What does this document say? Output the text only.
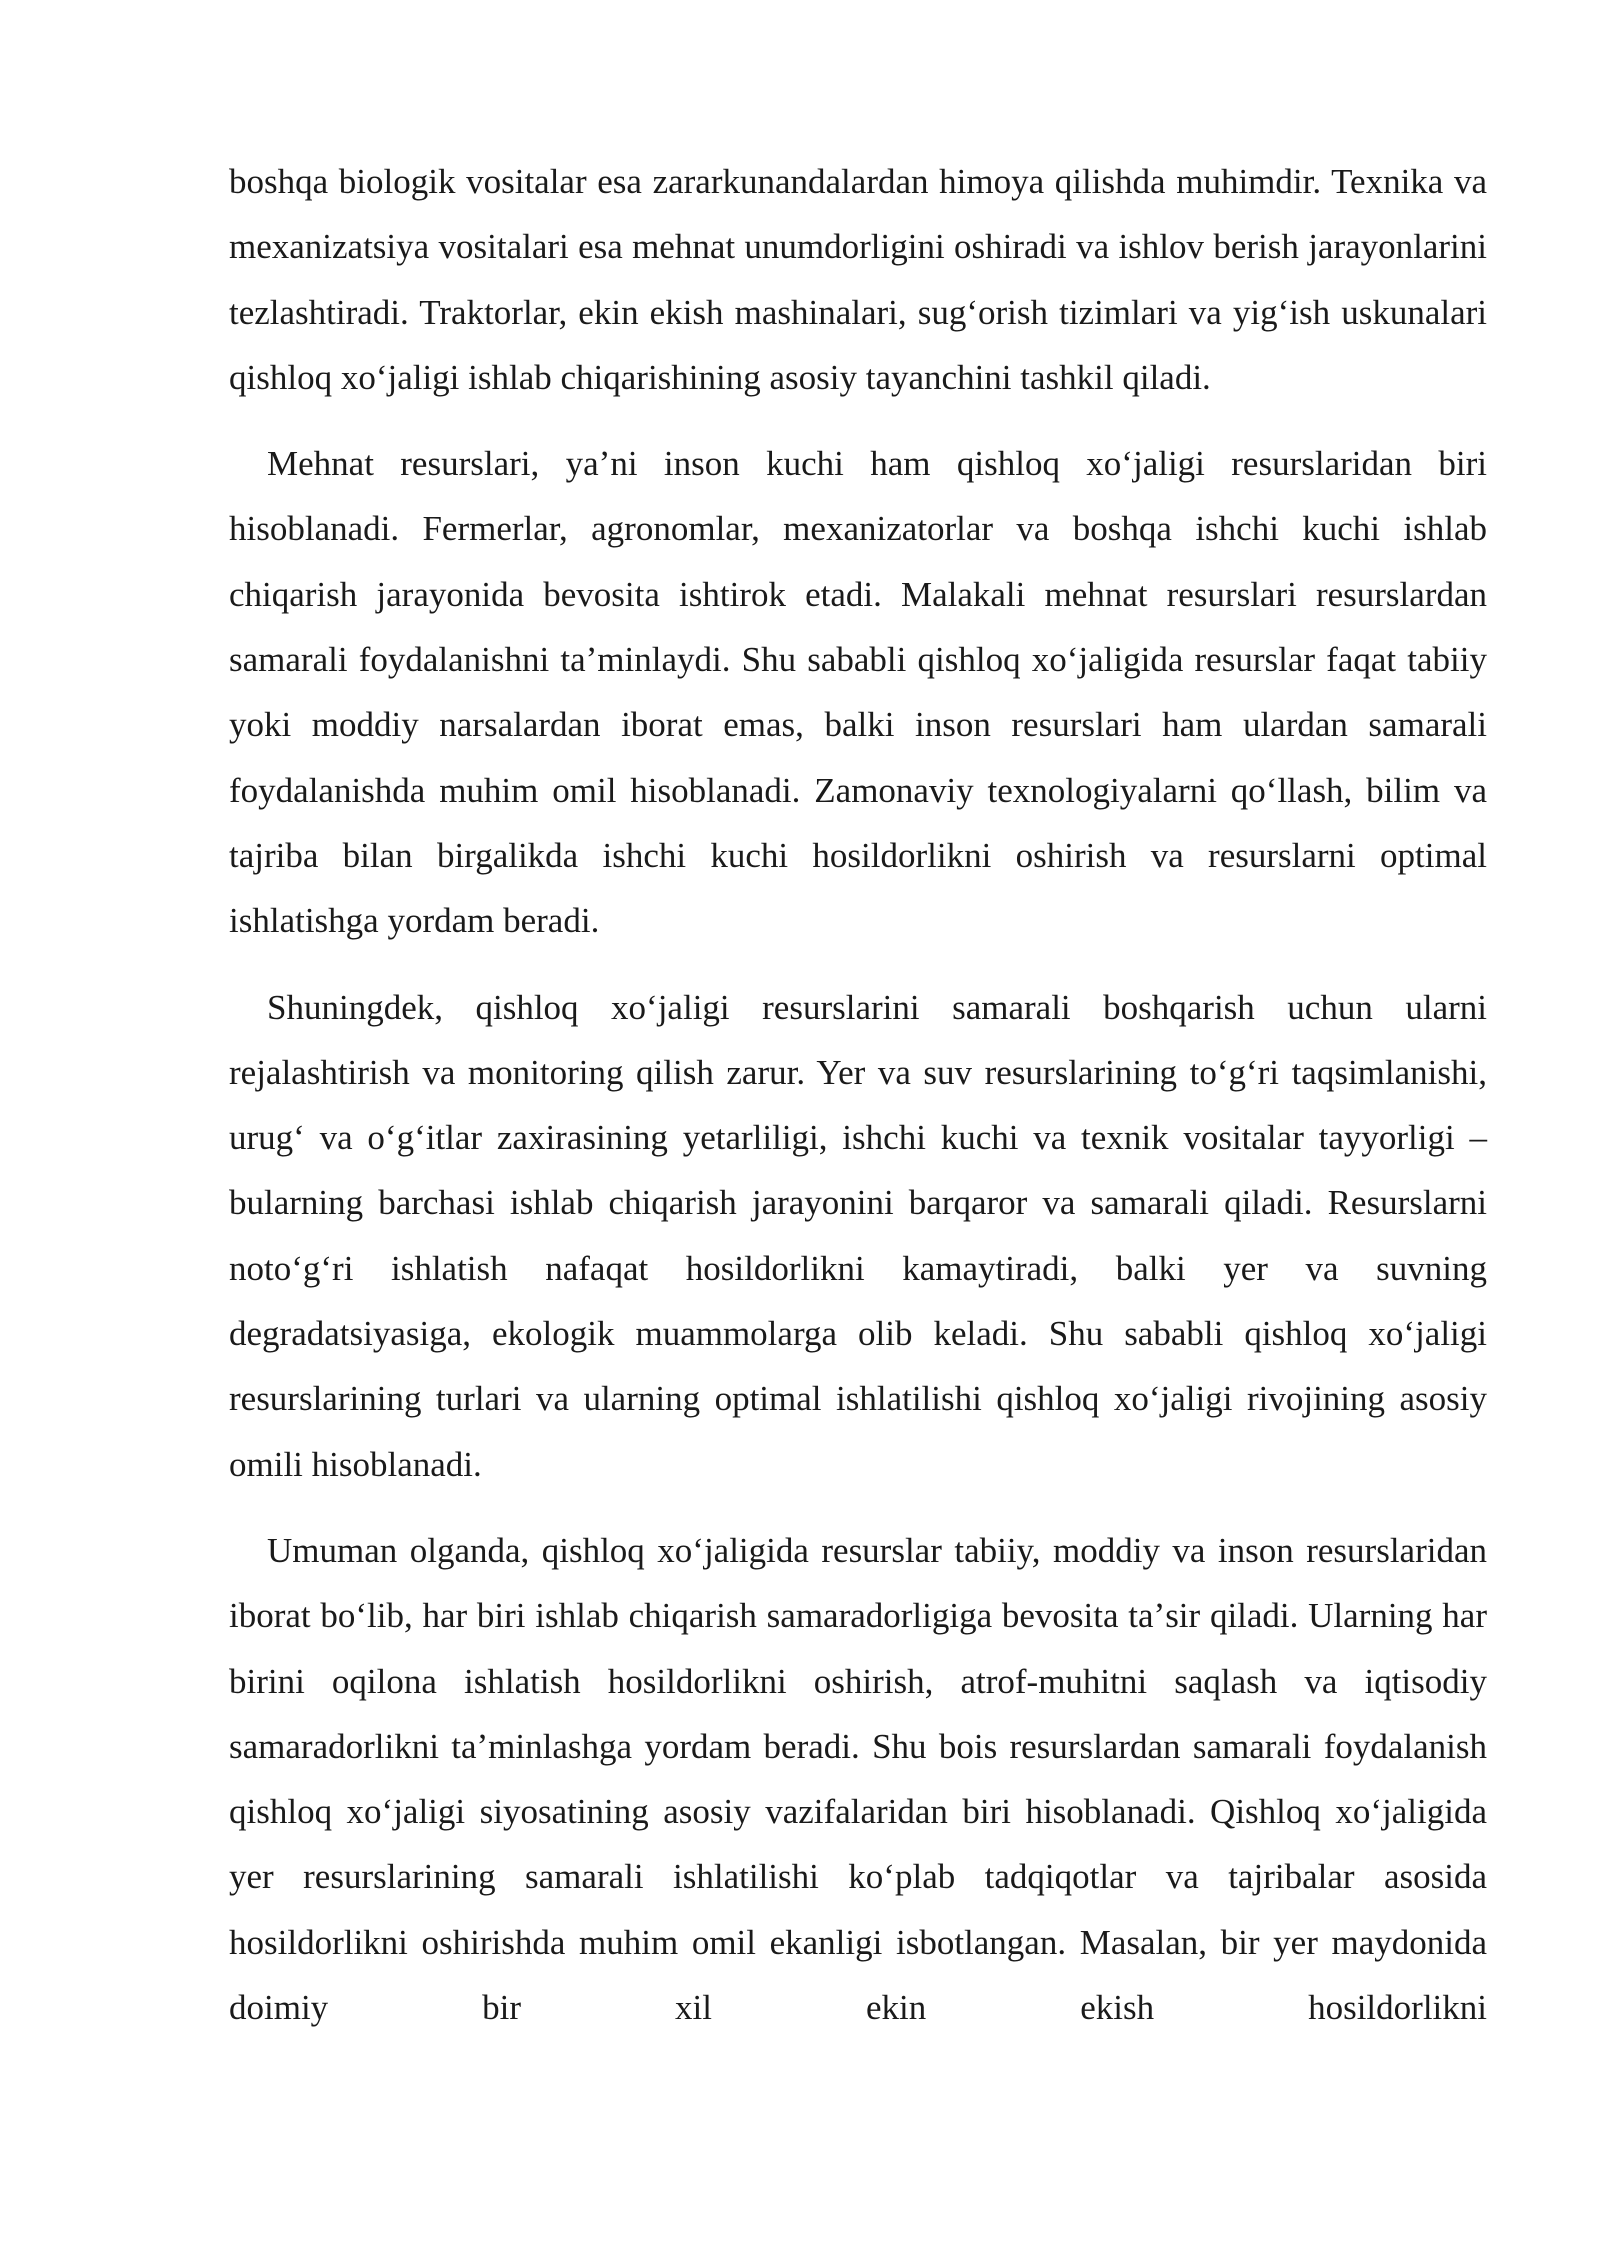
boshqa biologik vositalar esa zararkunandalardan himoya qilishda muhimdir. Texnika va mexanizatsiya vositalari esa mehnat unumdorligini oshiradi va ishlov berish jarayonlarini tezlashtiradi. Traktorlar, ekin ekish mashinalari, sugʻorish tizimlari va yigʻish uskunalari qishloq xoʻjaligi ishlab chiqarishining asosiy tayanchini tashkil qiladi.

Mehnat resurslari, yaʼni inson kuchi ham qishloq xoʻjaligi resurslaridan biri hisoblanadi. Fermerlar, agronomlar, mexanizatorlar va boshqa ishchi kuchi ishlab chiqarish jarayonida bevosita ishtirok etadi. Malakali mehnat resurslari resurslardan samarali foydalanishni taʼminlaydi. Shu sababli qishloq xoʻjaligida resurslar faqat tabiiy yoki moddiy narsalardan iborat emas, balki inson resurslari ham ulardan samarali foydalanishda muhim omil hisoblanadi. Zamonaviy texnologiyalarni qoʻllash, bilim va tajriba bilan birgalikda ishchi kuchi hosildorlikni oshirish va resurslarni optimal ishlatishga yordam beradi.

Shuningdek, qishloq xoʻjaligi resurslarini samarali boshqarish uchun ularni rejalashtirish va monitoring qilish zarur. Yer va suv resurslarining toʻgʻri taqsimlanishi, urugʻ va oʻgʻitlar zaxirasining yetarliligi, ishchi kuchi va texnik vositalar tayyorligi – bularning barchasi ishlab chiqarish jarayonini barqaror va samarali qiladi. Resurslarni notoʻgʻri ishlatish nafaqat hosildorlikni kamaytiradi, balki yer va suvning degradatsiyasiga, ekologik muammolarga olib keladi. Shu sababli qishloq xoʻjaligi resurslarining turlari va ularning optimal ishlatilishi qishloq xoʻjaligi rivojining asosiy omili hisoblanadi.

Umuman olganda, qishloq xoʻjaligida resurslar tabiiy, moddiy va inson resurslaridan iborat boʻlib, har biri ishlab chiqarish samaradorligiga bevosita taʼsir qiladi. Ularning har birini oqilona ishlatish hosildorlikni oshirish, atrof-muhitni saqlash va iqtisodiy samaradorlikni taʼminlashga yordam beradi. Shu bois resurslardan samarali foydalanish qishloq xoʻjaligi siyosatining asosiy vazifalaridan biri hisoblanadi. Qishloq xoʻjaligida yer resurslarining samarali ishlatilishi koʻplab tadqiqotlar va tajribalar asosida hosildorlikni oshirishda muhim omil ekanligi isbotlangan. Masalan, bir yer maydonida doimiy bir xil ekin ekish hosildorlikni
